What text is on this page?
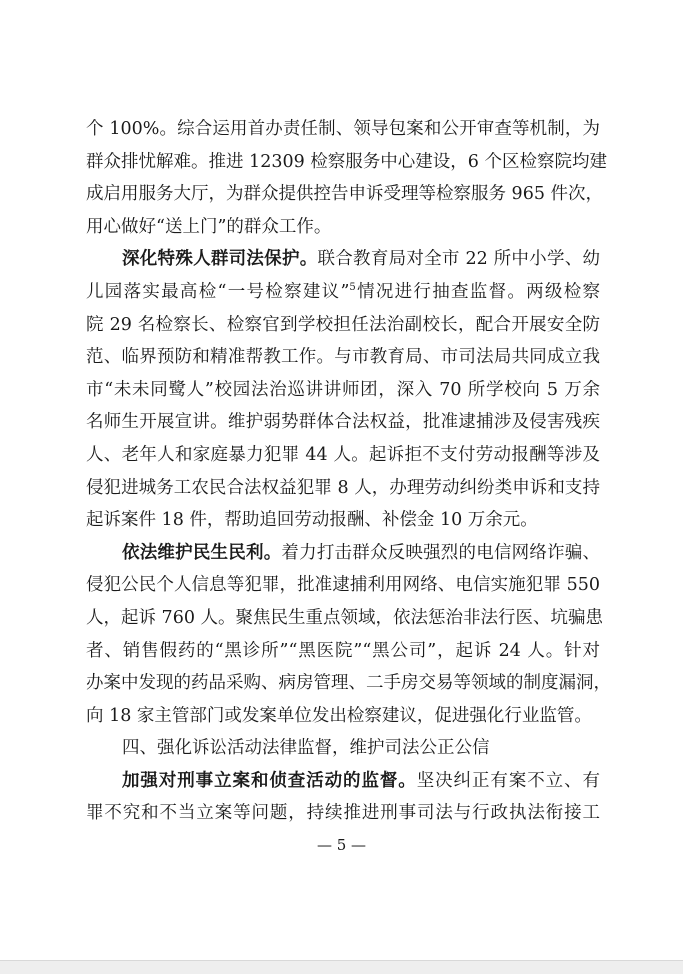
个 100%。综合运用首办责任制、领导包案和公开审查等机制，为
群众排忧解难。推进 12309 检察服务中心建设，6 个区检察院均建
成启用服务大厅，为群众提供控告申诉受理等检察服务 965 件次，
用心做好“送上门”的群众工作。

深化特殊人群司法保护。联合教育局对全市 22 所中小学、幼
儿园落实最高检“一号检察建议”$^5$情况进行抽查监督。两级检察
院 29 名检察长、检察官到学校担任法治副校长，配合开展安全防
范、临界预防和精准帮教工作。与市教育局、市司法局共同成立我
市“未未同鹭人”校园法治巡讲讲师团，深入 70 所学校向 5 万余
名师生开展宣讲。维护弱势群体合法权益，批准逮捕涉及侵害残疾
人、老年人和家庭暴力犯罪 44 人。起诉拒不支付劳动报酬等涉及
侵犯进城务工农民合法权益犯罪 8 人，办理劳动纠纷类申诉和支持
起诉案件 18 件，帮助追回劳动报酬、补偿金 10 万余元。

依法维护民生民利。着力打击群众反映强烈的电信网络诈骗、
侵犯公民个人信息等犯罪，批准逮捕利用网络、电信实施犯罪 550
人，起诉 760 人。聚焦民生重点领域，依法惩治非法行医、坑骗患
者、销售假药的“黑诊所”“黑医院”“黑公司”，起诉 24 人。针对
办案中发现的药品采购、病房管理、二手房交易等领域的制度漏洞，
向 18 家主管部门或发案单位发出检察建议，促进强化行业监管。

四、强化诉讼活动法律监督，维护司法公正公信

加强对刑事立案和侦查活动的监督。坚决纠正有案不立、有
罪不究和不当立案等问题，持续推进刑事司法与行政执法衔接工

— 5 —
